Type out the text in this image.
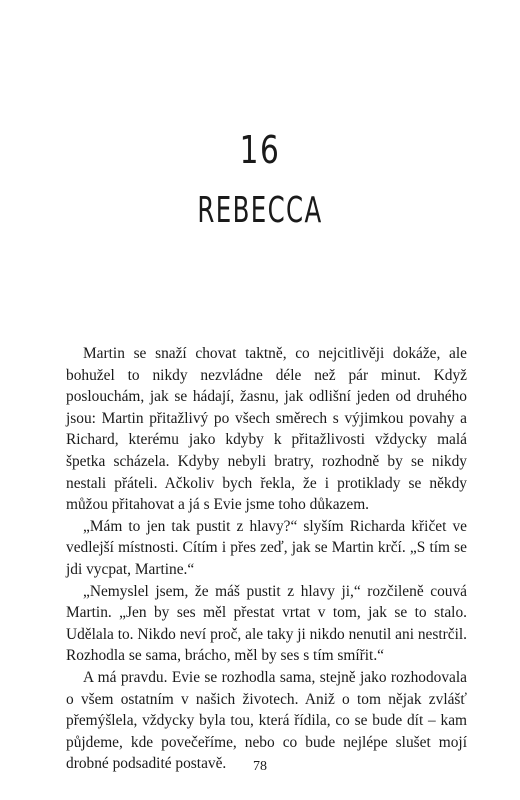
16
REBECCA

Martin se snaží chovat taktně, co nejcitlivěji dokáže, ale bohužel to nikdy nezvládne déle než pár minut. Když poslouchám, jak se hádají, žasnu, jak odlišní jeden od druhého jsou: Martin přitažlivý po všech směrech s výjimkou povahy a Richard, kterému jako kdyby k přitažlivosti vždycky malá špetka scházela. Kdyby nebyli bratry, rozhodně by se nikdy nestali přáteli. Ačkoliv bych řekla, že i protiklady se někdy můžou přitahovat a já s Evie jsme toho důkazem.

„Mám to jen tak pustit z hlavy?“ slyším Richarda křičet ve vedlejší místnosti. Cítím i přes zeď, jak se Martin krčí. „S tím se jdi vycpat, Martine.“

„Nemyslel jsem, že máš pustit z hlavy ji,“ rozčileně couvá Martin. „Jen by ses měl přestat vrtat v tom, jak se to stalo. Udělala to. Nikdo neví proč, ale taky ji nikdo nenutil ani nestrčil. Rozhodla se sama, brácho, měl by ses s tím smířit.“

A má pravdu. Evie se rozhodla sama, stejně jako rozhodovala o všem ostatním v našich životech. Aniž o tom nějak zvlášť přemýšlela, vždycky byla tou, která řídila, co se bude dít – kam půjdeme, kde povečeříme, nebo co bude nejlépe slušet mojí drobné podsadité postavě.	78
